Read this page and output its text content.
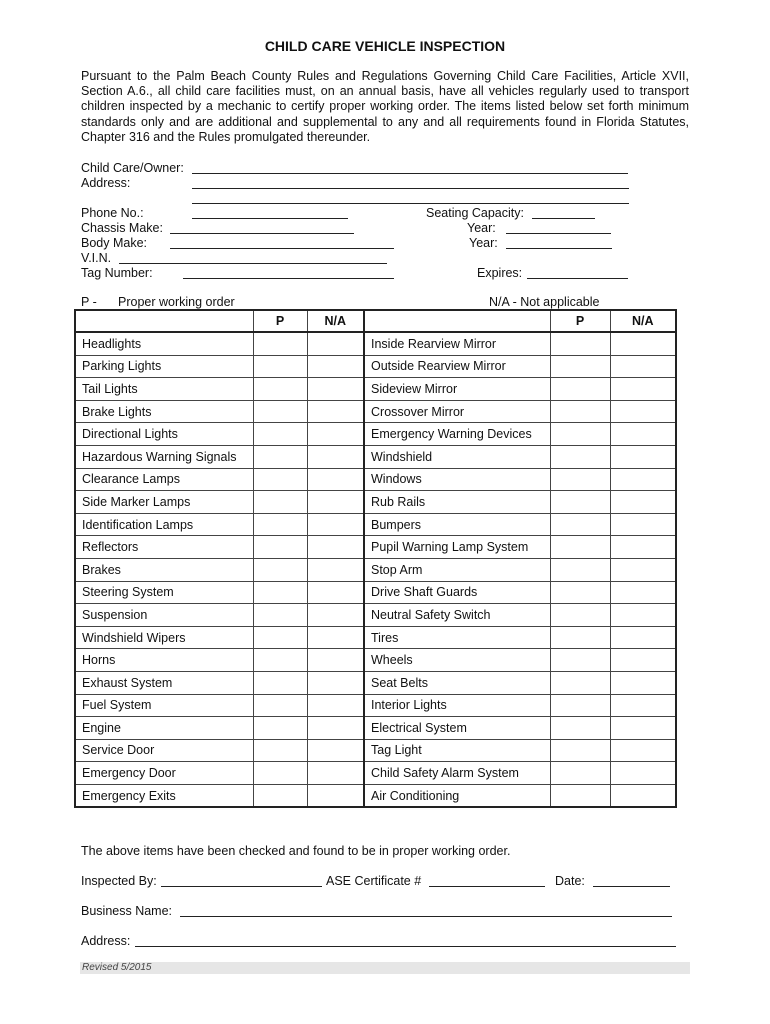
CHILD CARE VEHICLE INSPECTION
Pursuant to the Palm Beach County Rules and Regulations Governing Child Care Facilities, Article XVII, Section A.6., all child care facilities must, on an annual basis, have all vehicles regularly used to transport children inspected by a mechanic to certify proper working order. The items listed below set forth minimum standards only and are additional and supplemental to any and all requirements found in Florida Statutes, Chapter 316 and the Rules promulgated thereunder.
Child Care/Owner:
Address:
Phone No.:	Seating Capacity:
Chassis Make:	Year:
Body Make:	Year:
V.I.N.
Tag Number:	Expires:
P - Proper working order	N/A - Not applicable
	P	N/A		P	N/A
Headlights			Inside Rearview Mirror		
Parking Lights			Outside Rearview Mirror		
Tail Lights			Sideview Mirror		
Brake Lights			Crossover Mirror		
Directional Lights			Emergency Warning Devices		
Hazardous Warning Signals			Windshield		
Clearance Lamps			Windows		
Side Marker Lamps			Rub Rails		
Identification Lamps			Bumpers		
Reflectors			Pupil Warning Lamp System		
Brakes			Stop Arm		
Steering System			Drive Shaft Guards		
Suspension			Neutral Safety Switch		
Windshield Wipers			Tires		
Horns			Wheels		
Exhaust System			Seat Belts		
Fuel System			Interior Lights		
Engine			Electrical System		
Service Door			Tag Light		
Emergency Door			Child Safety Alarm System		
Emergency Exits			Air Conditioning		
The above items have been checked and found to be in proper working order.
Inspected By:	ASE Certificate #	Date:
Business Name:
Address:
Revised 5/2015
